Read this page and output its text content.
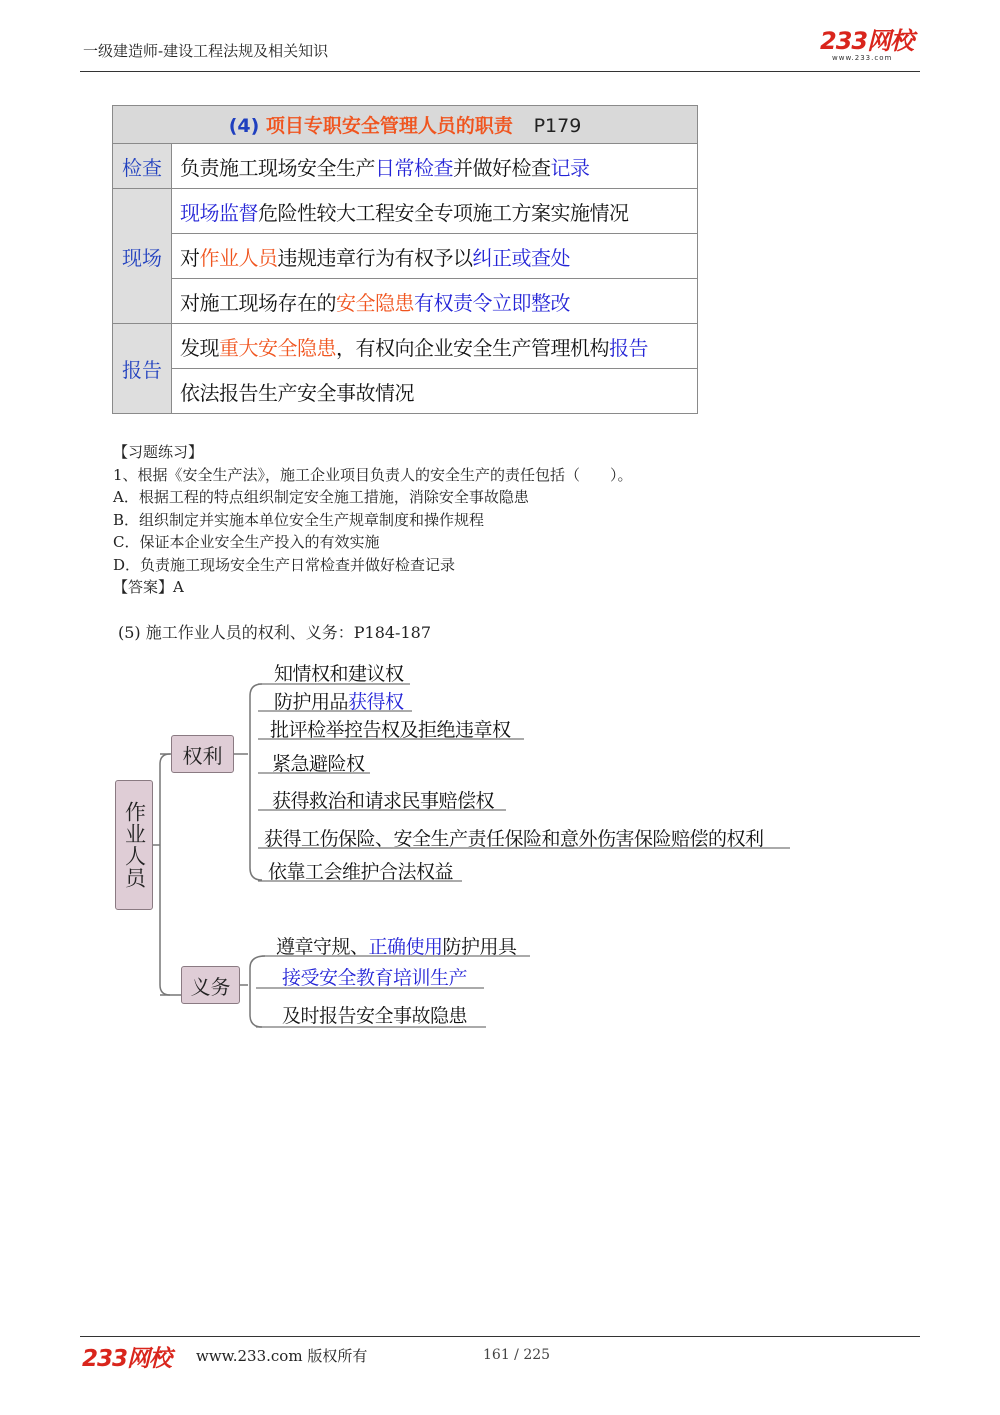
一级建造师-建设工程法规及相关知识	233网校
www.233.com
(4) 项目专职安全管理人员的职责 P179	
检查	负责施工现场安全生产日常检查并做好检查记录
现场	现场监督危险性较大工程安全专项施工方案实施情况
	对作业人员违规违章行为有权予以纠正或查处
	对施工现场存在的安全隐患有权责令立即整改
报告	发现重大安全隐患，有权向企业安全生产管理机构报告
	依法报告生产安全事故情况
【习题练习】
1、根据《安全生产法》，施工企业项目负责人的安全生产的责任包括（　　）。
A．根据工程的特点组织制定安全施工措施，消除安全事故隐患
B．组织制定并实施本单位安全生产规章制度和操作规程
C．保证本企业安全生产投入的有效实施
D．负责施工现场安全生产日常检查并做好检查记录
【答案】A
(5) 施工作业人员的权利、义务：P184-187
作业人员
权利
义务
知情权和建议权
防护用品获得权
批评检举控告权及拒绝违章权
紧急避险权
获得救治和请求民事赔偿权
获得工伤保险、安全生产责任保险和意外伤害保险赔偿的权利
依靠工会维护合法权益
遵章守规、正确使用防护用具
接受安全教育培训生产
及时报告安全事故隐患
233网校 www.233.com 版权所有	161 / 225
